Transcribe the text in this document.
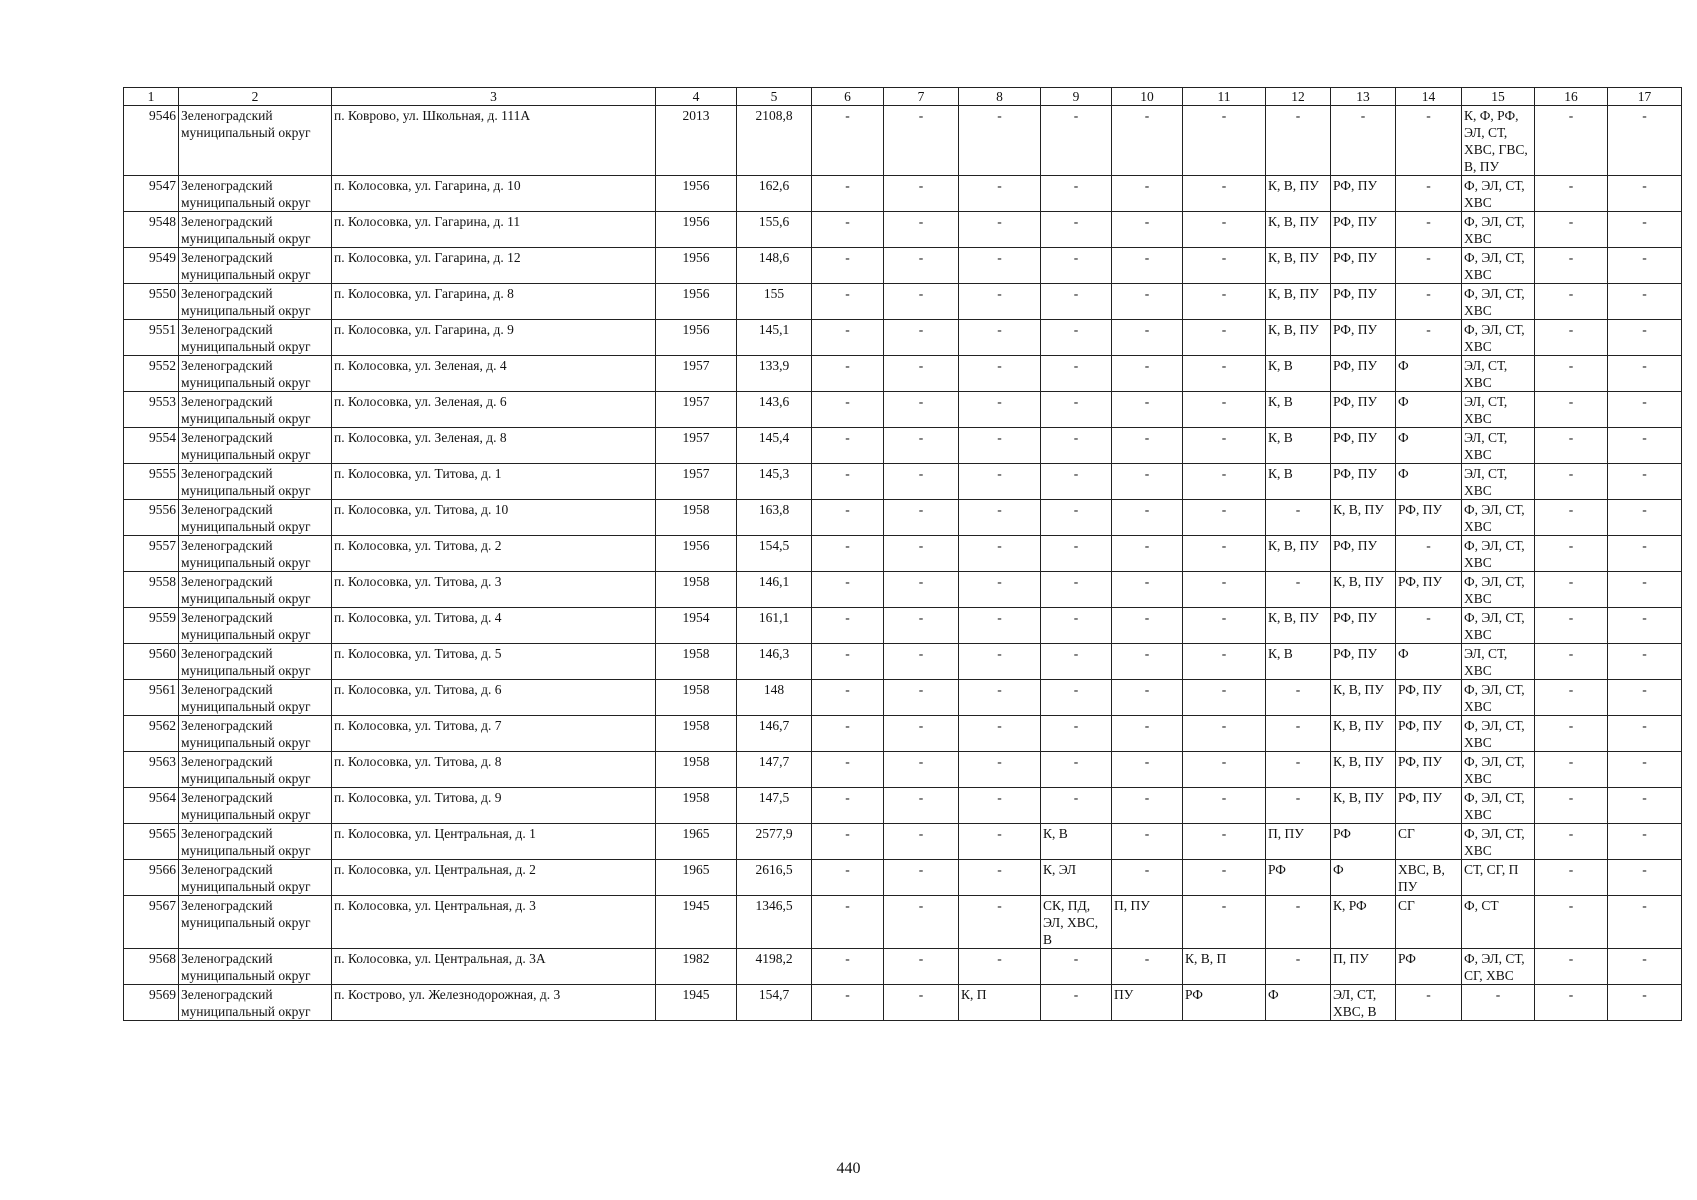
1	2	3	4	5	6	7	8	9	10	11	12	13	14	15	16	17
9546	Зеленоградский муниципальный округ	п. Коврово, ул. Школьная, д. 111А	2013	2108,8	-	-	-	-	-	-	-	-	-	К, Ф, РФ, ЭЛ, СТ, ХВС, ГВС, В, ПУ	-	-
9547	Зеленоградский муниципальный округ	п. Колосовка, ул. Гагарина, д. 10	1956	162,6	-	-	-	-	-	-	К, В, ПУ	РФ, ПУ	-	Ф, ЭЛ, СТ, ХВС	-	-
9548	Зеленоградский муниципальный округ	п. Колосовка, ул. Гагарина, д. 11	1956	155,6	-	-	-	-	-	-	К, В, ПУ	РФ, ПУ	-	Ф, ЭЛ, СТ, ХВС	-	-
9549	Зеленоградский муниципальный округ	п. Колосовка, ул. Гагарина, д. 12	1956	148,6	-	-	-	-	-	-	К, В, ПУ	РФ, ПУ	-	Ф, ЭЛ, СТ, ХВС	-	-
9550	Зеленоградский муниципальный округ	п. Колосовка, ул. Гагарина, д. 8	1956	155	-	-	-	-	-	-	К, В, ПУ	РФ, ПУ	-	Ф, ЭЛ, СТ, ХВС	-	-
9551	Зеленоградский муниципальный округ	п. Колосовка, ул. Гагарина, д. 9	1956	145,1	-	-	-	-	-	-	К, В, ПУ	РФ, ПУ	-	Ф, ЭЛ, СТ, ХВС	-	-
9552	Зеленоградский муниципальный округ	п. Колосовка, ул. Зеленая, д. 4	1957	133,9	-	-	-	-	-	-	К, В	РФ, ПУ	Ф	ЭЛ, СТ, ХВС	-	-
9553	Зеленоградский муниципальный округ	п. Колосовка, ул. Зеленая, д. 6	1957	143,6	-	-	-	-	-	-	К, В	РФ, ПУ	Ф	ЭЛ, СТ, ХВС	-	-
9554	Зеленоградский муниципальный округ	п. Колосовка, ул. Зеленая, д. 8	1957	145,4	-	-	-	-	-	-	К, В	РФ, ПУ	Ф	ЭЛ, СТ, ХВС	-	-
9555	Зеленоградский муниципальный округ	п. Колосовка, ул. Титова, д. 1	1957	145,3	-	-	-	-	-	-	К, В	РФ, ПУ	Ф	ЭЛ, СТ, ХВС	-	-
9556	Зеленоградский муниципальный округ	п. Колосовка, ул. Титова, д. 10	1958	163,8	-	-	-	-	-	-	-	К, В, ПУ	РФ, ПУ	Ф, ЭЛ, СТ, ХВС	-	-
9557	Зеленоградский муниципальный округ	п. Колосовка, ул. Титова, д. 2	1956	154,5	-	-	-	-	-	-	К, В, ПУ	РФ, ПУ	-	Ф, ЭЛ, СТ, ХВС	-	-
9558	Зеленоградский муниципальный округ	п. Колосовка, ул. Титова, д. 3	1958	146,1	-	-	-	-	-	-	-	К, В, ПУ	РФ, ПУ	Ф, ЭЛ, СТ, ХВС	-	-
9559	Зеленоградский муниципальный округ	п. Колосовка, ул. Титова, д. 4	1954	161,1	-	-	-	-	-	-	К, В, ПУ	РФ, ПУ	-	Ф, ЭЛ, СТ, ХВС	-	-
9560	Зеленоградский муниципальный округ	п. Колосовка, ул. Титова, д. 5	1958	146,3	-	-	-	-	-	-	К, В	РФ, ПУ	Ф	ЭЛ, СТ, ХВС	-	-
9561	Зеленоградский муниципальный округ	п. Колосовка, ул. Титова, д. 6	1958	148	-	-	-	-	-	-	-	К, В, ПУ	РФ, ПУ	Ф, ЭЛ, СТ, ХВС	-	-
9562	Зеленоградский муниципальный округ	п. Колосовка, ул. Титова, д. 7	1958	146,7	-	-	-	-	-	-	-	К, В, ПУ	РФ, ПУ	Ф, ЭЛ, СТ, ХВС	-	-
9563	Зеленоградский муниципальный округ	п. Колосовка, ул. Титова, д. 8	1958	147,7	-	-	-	-	-	-	-	К, В, ПУ	РФ, ПУ	Ф, ЭЛ, СТ, ХВС	-	-
9564	Зеленоградский муниципальный округ	п. Колосовка, ул. Титова, д. 9	1958	147,5	-	-	-	-	-	-	-	К, В, ПУ	РФ, ПУ	Ф, ЭЛ, СТ, ХВС	-	-
9565	Зеленоградский муниципальный округ	п. Колосовка, ул. Центральная, д. 1	1965	2577,9	-	-	-	К, В	-	-	П, ПУ	РФ	СГ	Ф, ЭЛ, СТ, ХВС	-	-
9566	Зеленоградский муниципальный округ	п. Колосовка, ул. Центральная, д. 2	1965	2616,5	-	-	-	К, ЭЛ	-	-	РФ	Ф	ХВС, В, ПУ	СТ, СГ, П	-	-
9567	Зеленоградский муниципальный округ	п. Колосовка, ул. Центральная, д. 3	1945	1346,5	-	-	-	СК, ПД, ЭЛ, ХВС, В	П, ПУ	-	-	К, РФ	СГ	Ф, СТ	-	-
9568	Зеленоградский муниципальный округ	п. Колосовка, ул. Центральная, д. 3А	1982	4198,2	-	-	-	-	-	К, В, П	-	П, ПУ	РФ	Ф, ЭЛ, СТ, СГ, ХВС	-	-
9569	Зеленоградский муниципальный округ	п. Кострово, ул. Железнодорожная, д. 3	1945	154,7	-	-	К, П	-	ПУ	РФ	Ф	ЭЛ, СТ, ХВС, В	-	-	-	-
440
